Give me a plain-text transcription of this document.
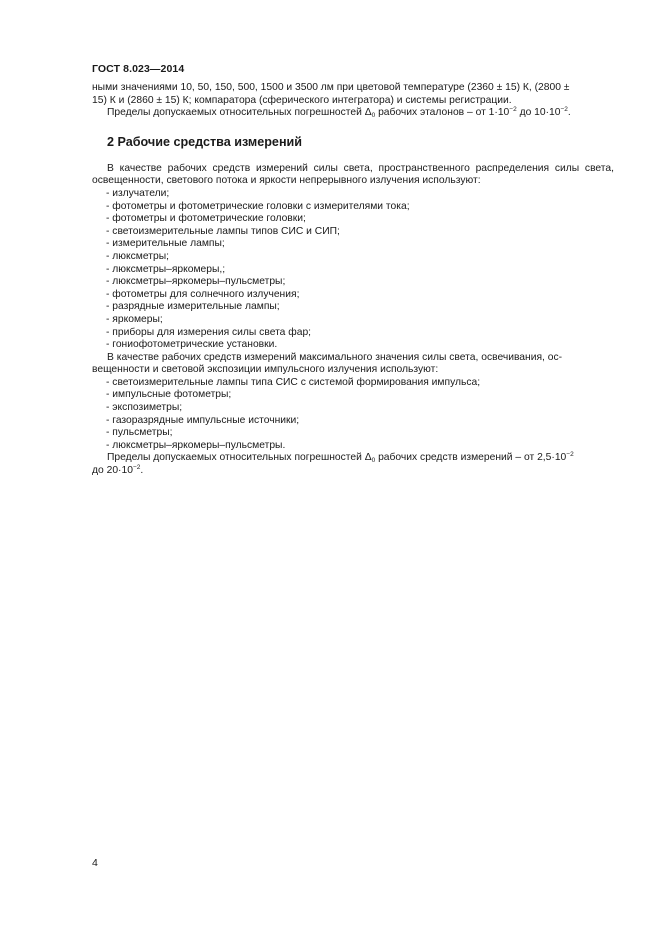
ГОСТ 8.023—2014

ными значениями 10, 50, 150, 500, 1500 и 3500 лм при цветовой температуре (2360 ± 15) К, (2800 ±

15) К и (2860 ± 15) К; компаратора (сферического интегратора) и системы регистрации.

Пределы допускаемых относительных погрешностей $\Delta_0$ рабочих эталонов – от $1\cdot 10^{-2}$ до $10\cdot 10^{-2}$.

2 Рабочие средства измерений

В качестве рабочих средств измерений силы света, пространственного распределения силы света, освещенности, светового потока и яркости непрерывного излучения используют:

- излучатели;
- фотометры и фотометрические головки с измерителями тока;
- фотометры и фотометрические головки;
- светоизмерительные лампы типов СИС и СИП;
- измерительные лампы;
- люксметры;
- люксметры–яркомеры,;
- люксметры–яркомеры–пульсметры;
- фотометры для солнечного излучения;
- разрядные измерительные лампы;
- яркомеры;
- приборы для измерения силы света фар;
- гониофотометрические установки.

В качестве рабочих средств измерений максимального значения силы света, освечивания, ос-

вещенности и световой экспозиции импульсного излучения используют:

- светоизмерительные лампы типа СИС с системой формирования импульса;
- импульсные фотометры;
- экспозиметры;
- газоразрядные импульсные источники;
- пульсметры;
- люксметры–яркомеры–пульсметры.

Пределы допускаемых относительных погрешностей $\Delta_0$ рабочих средств измерений – от $2,5\cdot 10^{-2}$

до $20\cdot 10^{-2}$.

4
